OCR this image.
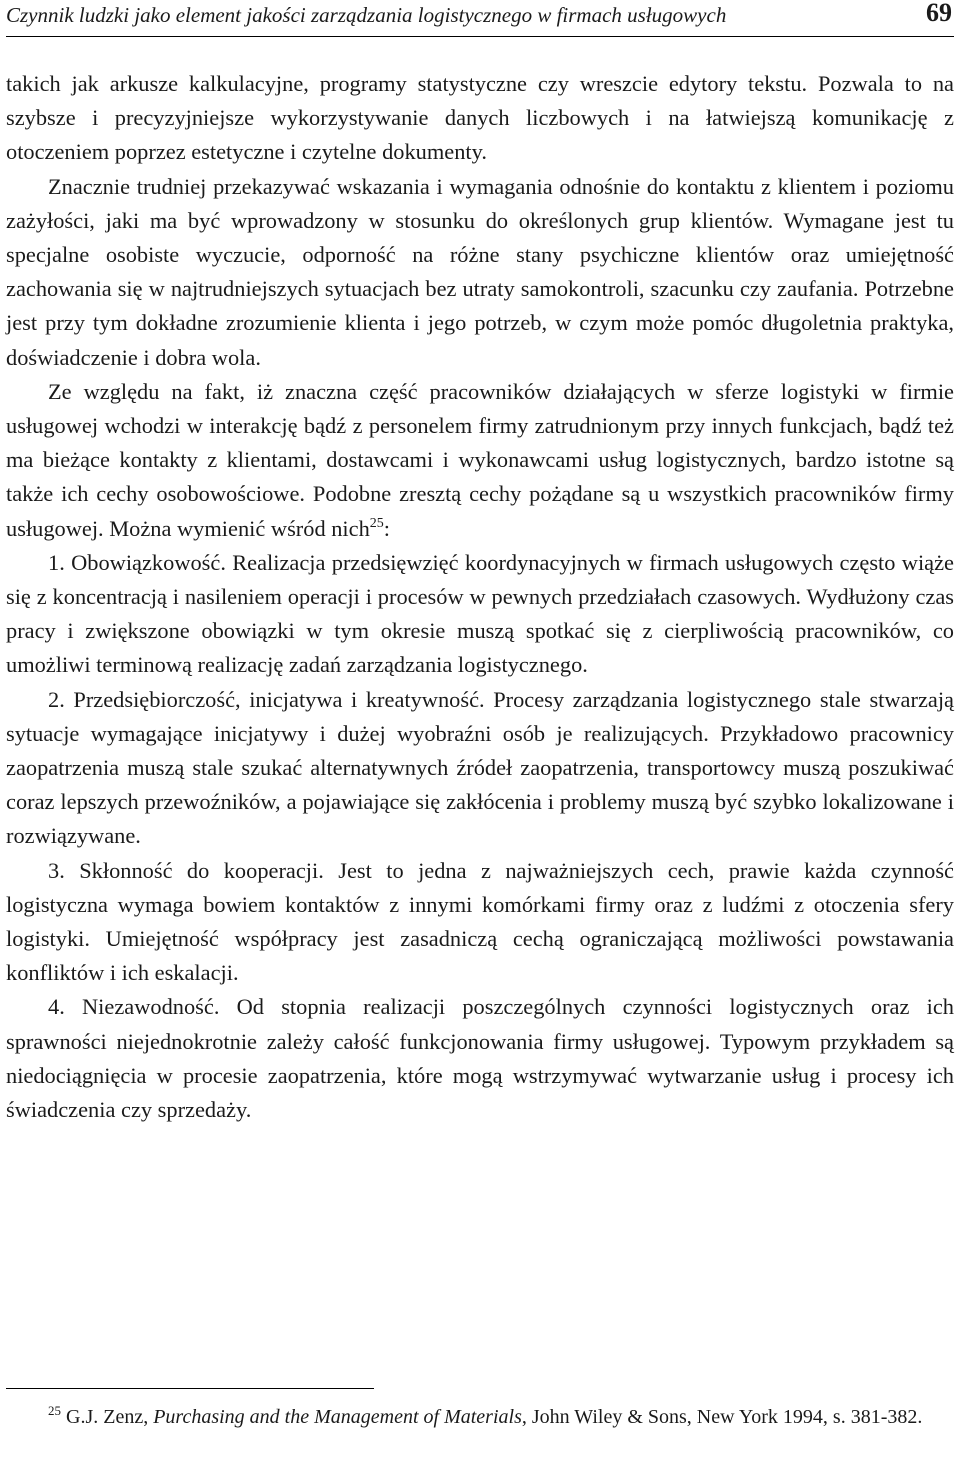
Czynnik ludzki jako element jakości zarządzania logistycznego w firmach usługowych	69

takich jak arkusze kalkulacyjne, programy statystyczne czy wreszcie edytory tekstu. Pozwala to na szybsze i precyzyjniejsze wykorzystywanie danych liczbowych i na łatwiejszą komunikację z otoczeniem poprzez estetyczne i czytelne dokumenty.

Znacznie trudniej przekazywać wskazania i wymagania odnośnie do kontaktu z klientem i poziomu zażyłości, jaki ma być wprowadzony w stosunku do określonych grup klientów. Wymagane jest tu specjalne osobiste wyczucie, odporność na różne stany psychiczne klientów oraz umiejętność zachowania się w najtrudniejszych sytuacjach bez utraty samokontroli, szacunku czy zaufania. Potrzebne jest przy tym dokładne zrozumienie klienta i jego potrzeb, w czym może pomóc długoletnia praktyka, doświadczenie i dobra wola.

Ze względu na fakt, iż znaczna część pracowników działających w sferze logistyki w firmie usługowej wchodzi w interakcję bądź z personelem firmy zatrudnionym przy innych funkcjach, bądź też ma bieżące kontakty z klientami, dostawcami i wykonawcami usług logistycznych, bardzo istotne są także ich cechy osobowościowe. Podobne zresztą cechy pożądane są u wszystkich pracowników firmy usługowej. Można wymienić wśród nich$^{25}$:

1. Obowiązkowość. Realizacja przedsięwzięć koordynacyjnych w firmach usługowych często wiąże się z koncentracją i nasileniem operacji i procesów w pewnych przedziałach czasowych. Wydłużony czas pracy i zwiększone obowiązki w tym okresie muszą spotkać się z cierpliwością pracowników, co umożliwi terminową realizację zadań zarządzania logistycznego.

2. Przedsiębiorczość, inicjatywa i kreatywność. Procesy zarządzania logistycznego stale stwarzają sytuacje wymagające inicjatywy i dużej wyobraźni osób je realizujących. Przykładowo pracownicy zaopatrzenia muszą stale szukać alternatywnych źródeł zaopatrzenia, transportowcy muszą poszukiwać coraz lepszych przewoźników, a pojawiające się zakłócenia i problemy muszą być szybko lokalizowane i rozwiązywane.

3. Skłonność do kooperacji. Jest to jedna z najważniejszych cech, prawie każda czynność logistyczna wymaga bowiem kontaktów z innymi komórkami firmy oraz z ludźmi z otoczenia sfery logistyki. Umiejętność współpracy jest zasadniczą cechą ograniczającą możliwości powstawania konfliktów i ich eskalacji.

4. Niezawodność. Od stopnia realizacji poszczególnych czynności logistycznych oraz ich sprawności niejednokrotnie zależy całość funkcjonowania firmy usługowej. Typowym przykładem są niedociągnięcia w procesie zaopatrzenia, które mogą wstrzymywać wytwarzanie usług i procesy ich świadczenia czy sprzedaży.

$^{25}$ G.J. Zenz, Purchasing and the Management of Materials, John Wiley & Sons, New York 1994, s. 381-382.
